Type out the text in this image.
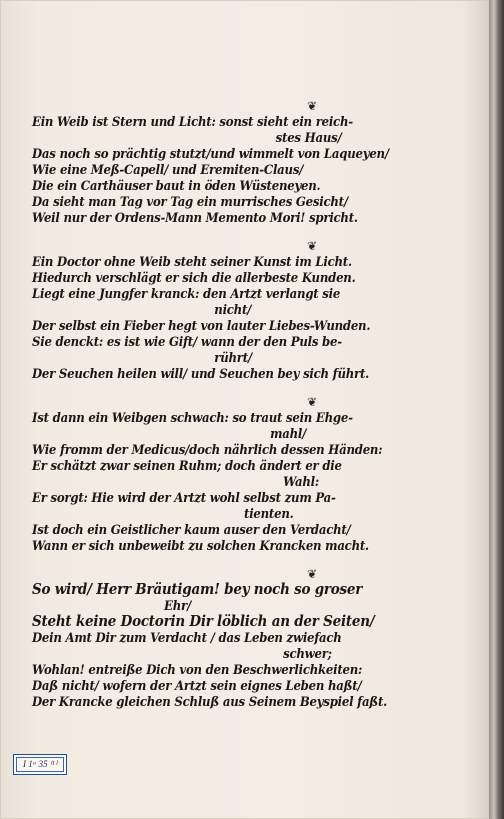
❦
Ein Weib ist Stern und Licht: sonst sieht ein reich-
stes Haus/
Das noch so prächtig stutzt/und wimmelt von Laqueyen/
Wie eine Meß-Capell/ und Eremiten-Claus/
Die ein Carthäuser baut in öden Wüsteneyen.
Da sieht man Tag vor Tag ein murrisches Gesicht/
Weil nur der Ordens-Mann Memento Mori! spricht.
❦
Ein Doctor ohne Weib steht seiner Kunst im Licht.
Hiedurch verschlägt er sich die allerbeste Kunden.
Liegt eine Jungfer kranck: den Artzt verlangt sie
nicht/
Der selbst ein Fieber hegt von lauter Liebes-Wunden.
Sie denckt: es ist wie Gift/ wann der den Puls be-
rührt/
Der Seuchen heilen will/ und Seuchen bey sich führt.
❦
Ist dann ein Weibgen schwach: so traut sein Ehge-
mahl/
Wie fromm der Medicus/doch nährlich dessen Händen:
Er schätzt zwar seinen Ruhm; doch ändert er die
Wahl:
Er sorgt: Hie wird der Artzt wohl selbst zum Pa-
tienten.
Ist doch ein Geistlicher kaum auser den Verdacht/
Wann er sich unbeweibt zu solchen Krancken macht.
❦
So wird/ Herr Bräutigam! bey noch so groser
Ehr/
Steht keine Doctorin Dir löblich an der Seiten/
Dein Amt Dir zum Verdacht / das Leben zwiefach
schwer;
Wohlan! entreiße Dich von den Beschwerlichkeiten:
Daß nicht/ wofern der Artzt sein eignes Leben haßt/
Der Krancke gleichen Schluß aus Seinem Beyspiel faßt.
I 1ᵃ 35 ⁽¹⁾
